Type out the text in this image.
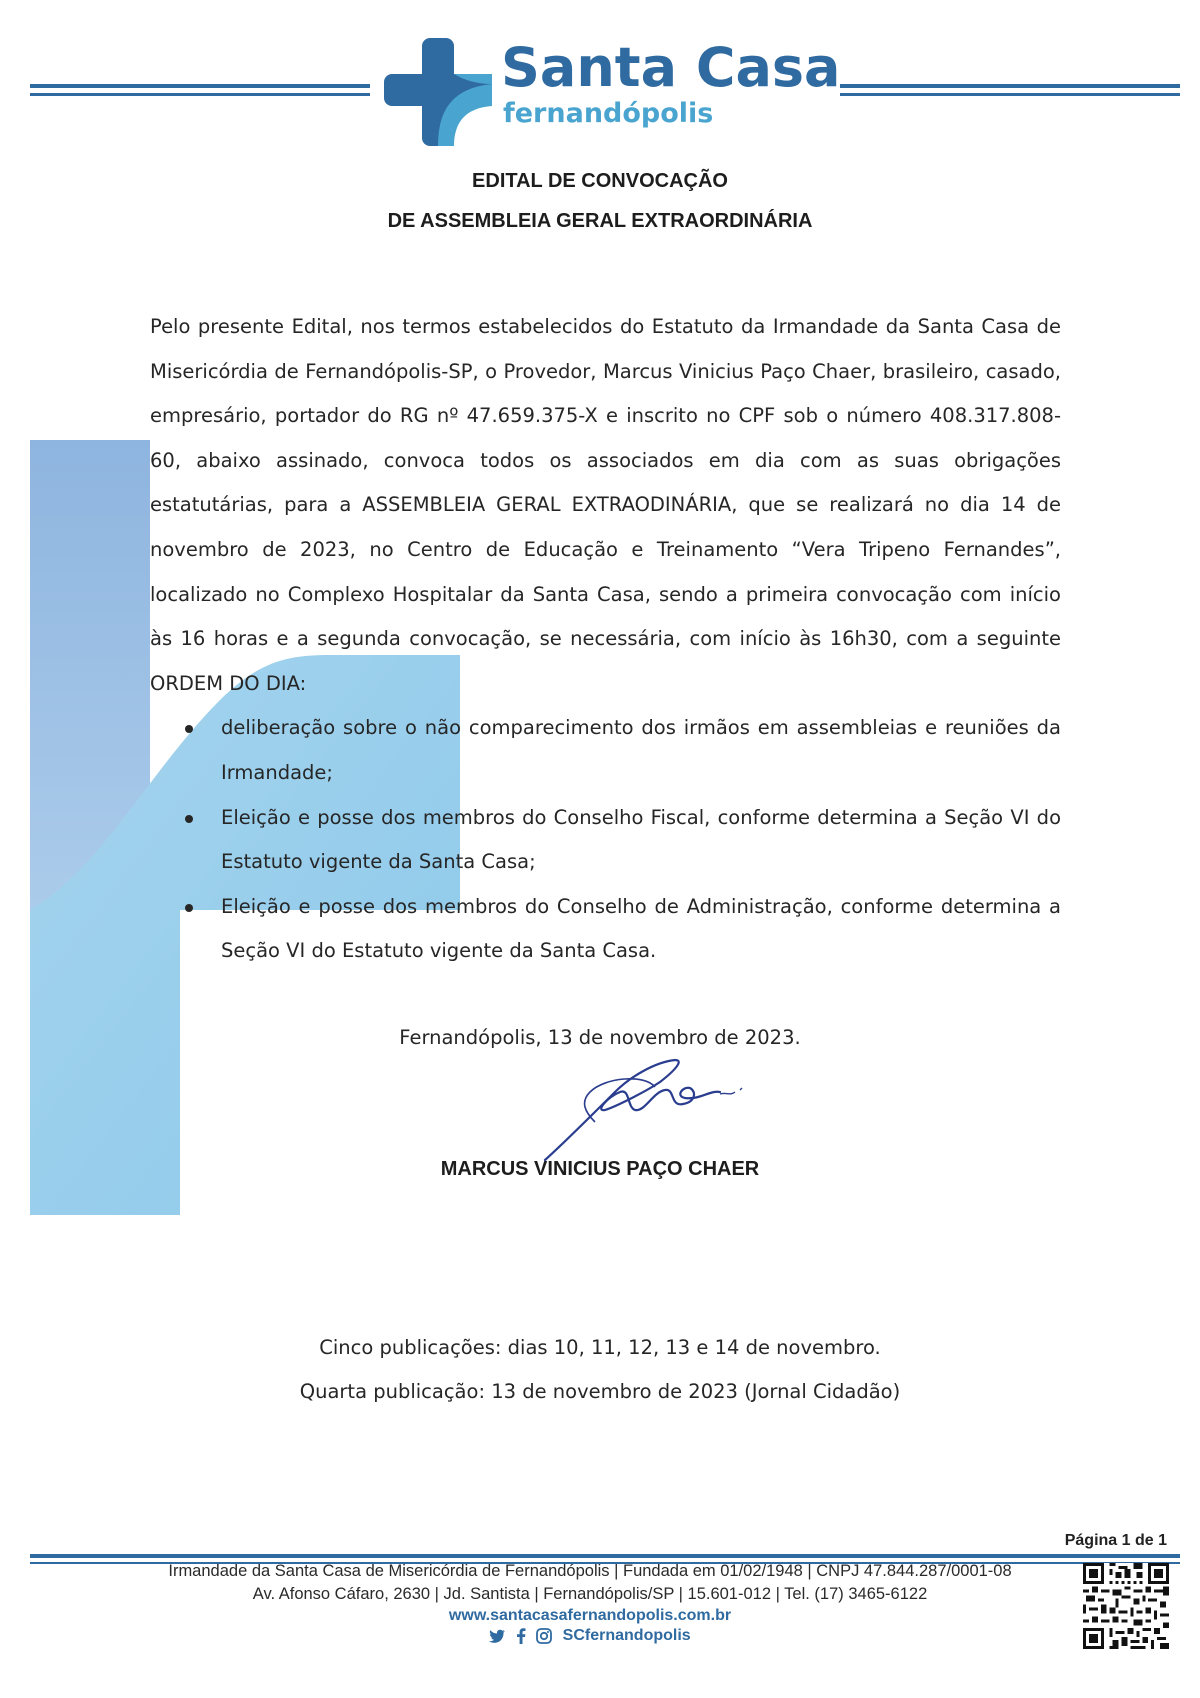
Santa Casa
fernandópolis
EDITAL DE CONVOCAÇÃO
DE ASSEMBLEIA GERAL EXTRAORDINÁRIA

Pelo presente Edital, nos termos estabelecidos do Estatuto da Irmandade da Santa Casa de Misericórdia de Fernandópolis-SP, o Provedor, Marcus Vinicius Paço Chaer, brasileiro, casado, empresário, portador do RG nº 47.659.375-X e inscrito no CPF sob o número 408.317.808-60, abaixo assinado, convoca todos os associados em dia com as suas obrigações estatutárias, para a ASSEMBLEIA GERAL EXTRAODINÁRIA, que se realizará no dia 14 de novembro de 2023, no Centro de Educação e Treinamento “Vera Tripeno Fernandes”, localizado no Complexo Hospitalar da Santa Casa, sendo a primeira convocação com início às 16 horas e a segunda convocação, se necessária, com início às 16h30, com a seguinte ORDEM DO DIA:

deliberação sobre o não comparecimento dos irmãos em assembleias e reuniões da Irmandade;
Eleição e posse dos membros do Conselho Fiscal, conforme determina a Seção VI do Estatuto vigente da Santa Casa;
Eleição e posse dos membros do Conselho de Administração, conforme determina a Seção VI do Estatuto vigente da Santa Casa.
Fernandópolis, 13 de novembro de 2023.
MARCUS VINICIUS PAÇO CHAER
Cinco publicações: dias 10, 11, 12, 13 e 14 de novembro.
Quarta publicação: 13 de novembro de 2023 (Jornal Cidadão)
Página 1 de 1
Irmandade da Santa Casa de Misericórdia de Fernandópolis | Fundada em 01/02/1948 | CNPJ 47.844.287/0001-08
Av. Afonso Cáfaro, 2630 | Jd. Santista | Fernandópolis/SP | 15.601-012 | Tel. (17) 3465-6122
www.santacasafernandopolis.com.br
SCfernandopolis
